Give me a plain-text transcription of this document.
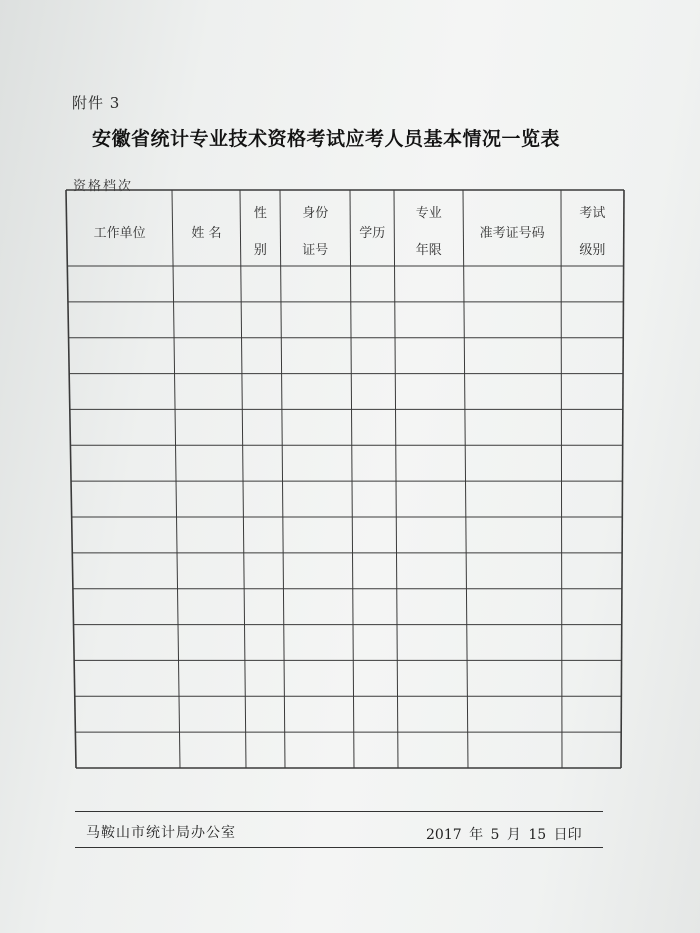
附件 3
安徽省统计专业技术资格考试应考人员基本情况一览表
资格档次
工作单位	姓 名
性
别
身份
证号
学历
专业
年限
准考证号码
考试
级别
马鞍山市统计局办公室	2017 年 5 月 15 日印
